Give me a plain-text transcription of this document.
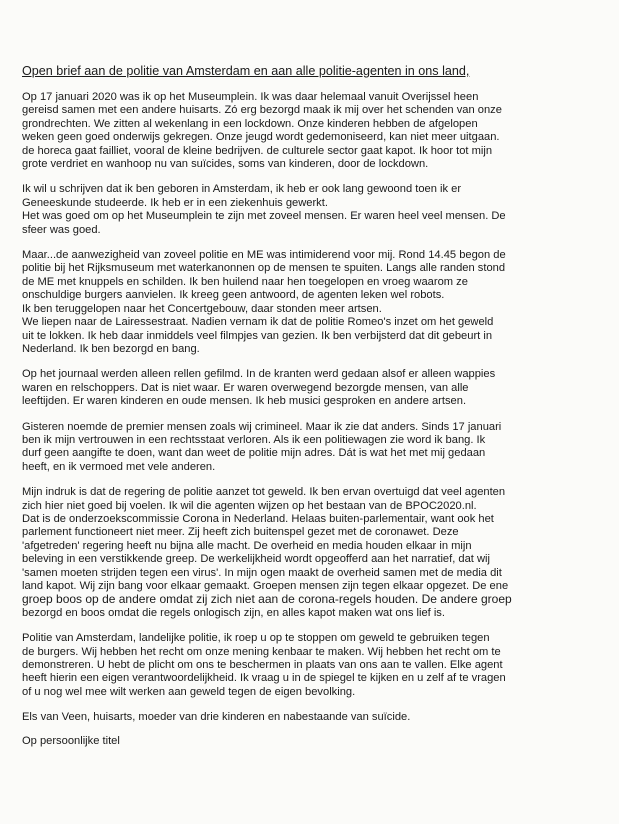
Open brief aan de politie van Amsterdam en aan alle politie-agenten in ons land,
Op 17 januari 2020 was ik op het Museumplein. Ik was daar helemaal vanuit Overijssel heen
gereisd samen met een andere huisarts. Zó erg bezorgd maak ik mij over het schenden van onze
grondrechten. We zitten al wekenlang in een lockdown. Onze kinderen hebben de afgelopen
weken geen goed onderwijs gekregen. Onze jeugd wordt gedemoniseerd, kan niet meer uitgaan.
de horeca gaat failliet, vooral de kleine bedrijven. de culturele sector gaat kapot. Ik hoor tot mijn
grote verdriet en wanhoop nu van suïcides, soms van kinderen, door de lockdown.
Ik wil u schrijven dat ik ben geboren in Amsterdam, ik heb er ook lang gewoond toen ik er
Geneeskunde studeerde. Ik heb er in een ziekenhuis gewerkt.
Het was goed om op het Museumplein te zijn met zoveel mensen. Er waren heel veel mensen. De
sfeer was goed.
Maar...de aanwezigheid van zoveel politie en ME was intimiderend voor mij. Rond 14.45 begon de
politie bij het Rijksmuseum met waterkanonnen op de mensen te spuiten. Langs alle randen stond
de ME met knuppels en schilden. Ik ben huilend naar hen toegelopen en vroeg waarom ze
onschuldige burgers aanvielen. Ik kreeg geen antwoord, de agenten leken wel robots.
Ik ben teruggelopen naar het Concertgebouw, daar stonden meer artsen.
We liepen naar de Lairessestraat. Nadien vernam ik dat de politie Romeo's inzet om het geweld
uit te lokken. Ik heb daar inmiddels veel filmpjes van gezien. Ik ben verbijsterd dat dit gebeurt in
Nederland. Ik ben bezorgd en bang.
Op het journaal werden alleen rellen gefilmd. In de kranten werd gedaan alsof er alleen wappies
waren en relschoppers. Dat is niet waar. Er waren overwegend bezorgde mensen, van alle
leeftijden. Er waren kinderen en oude mensen. Ik heb musici gesproken en andere artsen.
Gisteren noemde de premier mensen zoals wij crimineel. Maar ik zie dat anders. Sinds 17 januari
ben ik mijn vertrouwen in een rechtsstaat verloren. Als ik een politiewagen zie word ik bang. Ik
durf geen aangifte te doen, want dan weet de politie mijn adres. Dát is wat het met mij gedaan
heeft, en ik vermoed met vele anderen.
Mijn indruk is dat de regering de politie aanzet tot geweld. Ik ben ervan overtuigd dat veel agenten
zich hier niet goed bij voelen. Ik wil die agenten wijzen op het bestaan van de BPOC2020.nl.
Dat is de onderzoekscommissie Corona in Nederland. Helaas buiten-parlementair, want ook het
parlement functioneert niet meer. Zij heeft zich buitenspel gezet met de coronawet. Deze
'afgetreden' regering heeft nu bijna alle macht. De overheid en media houden elkaar in mijn
beleving in een verstikkende greep. De werkelijkheid wordt opgeofferd aan het narratief, dat wij
'samen moeten strijden tegen een virus'. In mijn ogen maakt de overheid samen met de media dit
land kapot. Wij zijn bang voor elkaar gemaakt. Groepen mensen zijn tegen elkaar opgezet. De ene
groep boos op de andere omdat zij zich niet aan de corona-regels houden. De andere groep
bezorgd en boos omdat die regels onlogisch zijn, en alles kapot maken wat ons lief is.
Politie van Amsterdam, landelijke politie, ik roep u op te stoppen om geweld te gebruiken tegen
de burgers. Wij hebben het recht om onze mening kenbaar te maken. Wij hebben het recht om te
demonstreren. U hebt de plicht om ons te beschermen in plaats van ons aan te vallen. Elke agent
heeft hierin een eigen verantwoordelijkheid. Ik vraag u in de spiegel te kijken en u zelf af te vragen
of u nog wel mee wilt werken aan geweld tegen de eigen bevolking.
Els van Veen, huisarts, moeder van drie kinderen en nabestaande van suïcide.
Op persoonlijke titel
